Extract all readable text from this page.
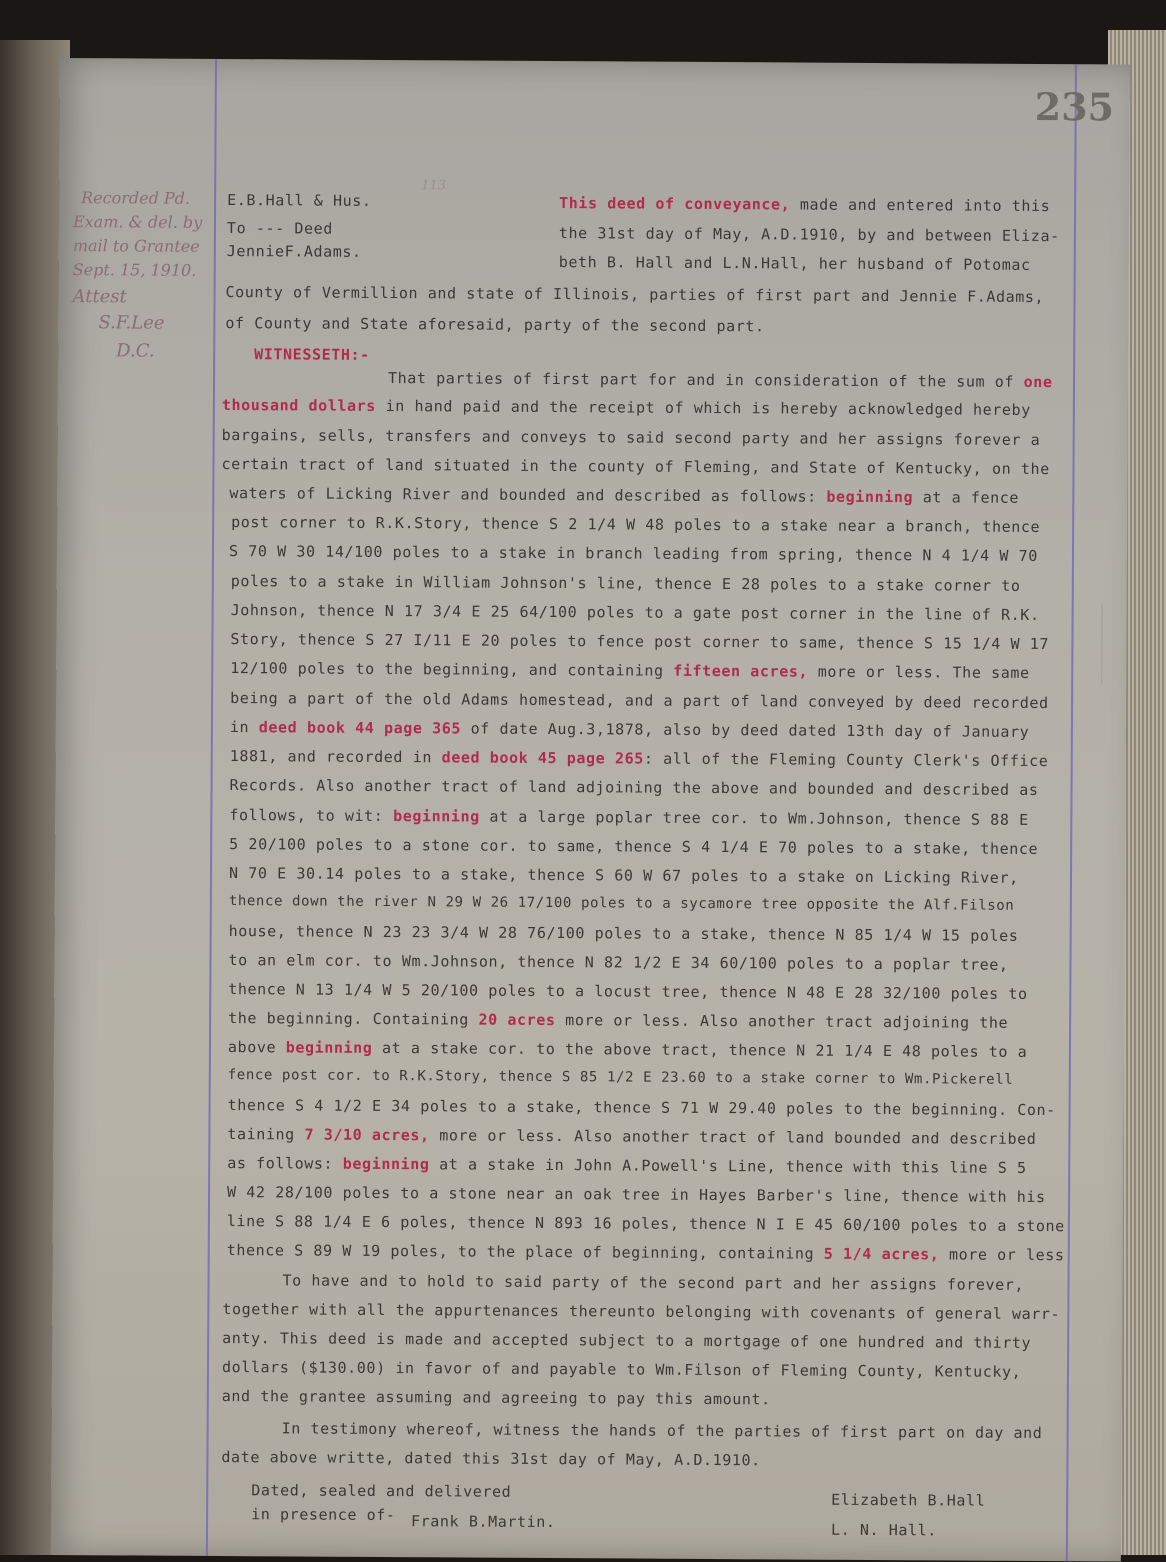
235
Recorded Pd.
Exam. & del. by
mail to Grantee
Sept. 15, 1910.
Attest
S.F.Lee
D.C.
E.B.Hall & Hus.
To --- Deed
JennieF.Adams.
113
This deed of conveyance, made and entered into this
the 31st day of May, A.D.1910, by and between Eliza-
beth B. Hall and L.N.Hall, her husband of Potomac
County of Vermillion and state of Illinois, parties of first part and Jennie F.Adams,
of County and State aforesaid, party of the second part.
WITNESSETH:-
That parties of first part for and in consideration of the sum of one
thousand dollars in hand paid and the receipt of which is hereby acknowledged hereby
bargains, sells, transfers and conveys to said second party and her assigns forever a
certain tract of land situated in the county of Fleming, and State of Kentucky, on the
waters of Licking River and bounded and described as follows: beginning at a fence
post corner to R.K.Story, thence S 2 1/4 W 48 poles to a stake near a branch, thence
S 70 W 30 14/100 poles to a stake in branch leading from spring, thence N 4 1/4 W 70
poles to a stake in William Johnson's line, thence E 28 poles to a stake corner to
Johnson, thence N 17 3/4 E 25 64/100 poles to a gate post corner in the line of R.K.
Story, thence S 27 I/11 E 20 poles to fence post corner to same, thence S 15 1/4 W 17
12/100 poles to the beginning, and containing fifteen acres, more or less. The same
being a part of the old Adams homestead, and a part of land conveyed by deed recorded
in deed book 44 page 365 of date Aug.3,1878, also by deed dated 13th day of January
1881, and recorded in deed book 45 page 265: all of the Fleming County Clerk's Office
Records. Also another tract of land adjoining the above and bounded and described as
follows, to wit: beginning at a large poplar tree cor. to Wm.Johnson, thence S 88 E
5 20/100 poles to a stone cor. to same, thence S 4 1/4 E 70 poles to a stake, thence
N 70 E 30.14 poles to a stake, thence S 60 W 67 poles to a stake on Licking River,
thence down the river N 29 W 26 17/100 poles to a sycamore tree opposite the Alf.Filson
house, thence N 23 23 3/4 W 28 76/100 poles to a stake, thence N 85 1/4 W 15 poles
to an elm cor. to Wm.Johnson, thence N 82 1/2 E 34 60/100 poles to a poplar tree,
thence N 13 1/4 W 5 20/100 poles to a locust tree, thence N 48 E 28 32/100 poles to
the beginning. Containing 20 acres more or less. Also another tract adjoining the
above beginning at a stake cor. to the above tract, thence N 21 1/4 E 48 poles to a
fence post cor. to R.K.Story, thence S 85 1/2 E 23.60 to a stake corner to Wm.Pickerell
thence S 4 1/2 E 34 poles to a stake, thence S 71 W 29.40 poles to the beginning. Con-
taining 7 3/10 acres, more or less. Also another tract of land bounded and described
as follows: beginning at a stake in John A.Powell's Line, thence with this line S 5
W 42 28/100 poles to a stone near an oak tree in Hayes Barber's line, thence with his
line S 88 1/4 E 6 poles, thence N 893 16 poles, thence N I E 45 60/100 poles to a stone
thence S 89 W 19 poles, to the place of beginning, containing 5 1/4 acres, more or less
To have and to hold to said party of the second part and her assigns forever,
together with all the appurtenances thereunto belonging with covenants of general warr-
anty. This deed is made and accepted subject to a mortgage of one hundred and thirty
dollars ($130.00) in favor of and payable to Wm.Filson of Fleming County, Kentucky,
and the grantee assuming and agreeing to pay this amount.
In testimony whereof, witness the hands of the parties of first part on day and
date above writte, dated this 31st day of May, A.D.1910.
Dated, sealed and delivered
in presence of- Frank B.Martin.
Elizabeth B.Hall
L. N. Hall.
